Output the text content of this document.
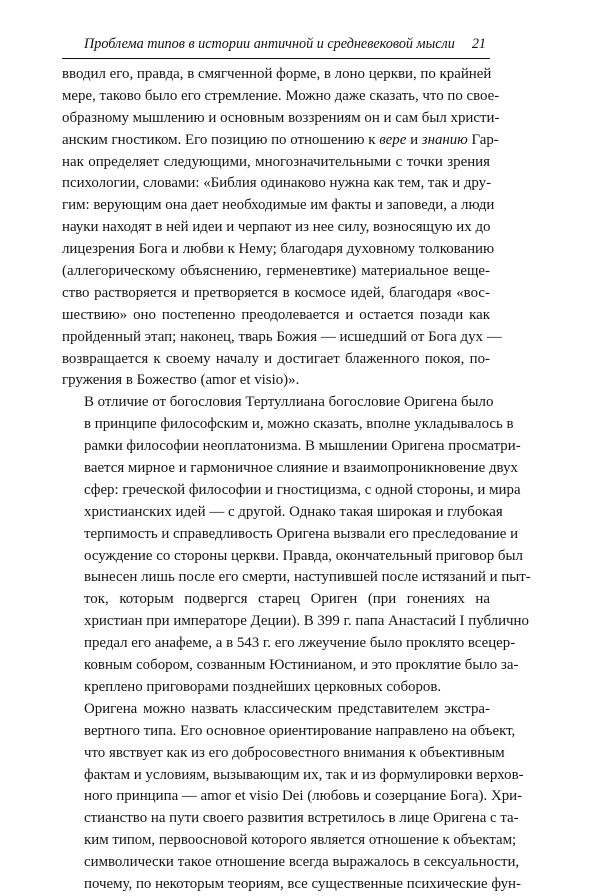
Проблема типов в истории античной и средневековой мысли 21

вводил его, правда, в смягченной форме, в лоно церкви, по крайней
мере, таково было его стремление. Можно даже сказать, что по свое-
образному мышлению и основным воззрениям он и сам был христи-
анским гностиком. Его позицию по отношению к вере и знанию Гар-
нак определяет следующими, многозначительными с точки зрения
психологии, словами: «Библия одинаково нужна как тем, так и дру-
гим: верующим она дает необходимые им факты и заповеди, а люди
науки находят в ней идеи и черпают из нее силу, возносящую их до
лицезрения Бога и любви к Нему; благодаря духовному толкованию
(аллегорическому объяснению, герменевтике) материальное веще-
ство растворяется и претворяется в космосе идей, благодаря «вос-
шествию» оно постепенно преодолевается и остается позади как
пройденный этап; наконец, тварь Божия — исшедший от Бога дух —
возвращается к своему началу и достигает блаженного покоя, по-
гружения в Божество (amor et visio)».

В отличие от богословия Тертуллиана богословие Оригена было
в принципе философским и, можно сказать, вполне укладывалось в
рамки философии неоплатонизма. В мышлении Оригена просматри-
вается мирное и гармоничное слияние и взаимопроникновение двух
сфер: греческой философии и гностицизма, с одной стороны, и мира
христианских идей — с другой. Однако такая широкая и глубокая
терпимость и справедливость Оригена вызвали его преследование и
осуждение со стороны церкви. Правда, окончательный приговор был
вынесен лишь после его смерти, наступившей после истязаний и пыт-
ток, которым подвергся старец Ориген (при гонениях на
христиан при императоре Деции). В 399 г. папа Анастасий I публично
предал его анафеме, а в 543 г. его лжеучение было проклято всецер-
ковным собором, созванным Юстинианом, и это проклятие было за-
креплено приговорами позднейших церковных соборов.

Оригена можно назвать классическим представителем экстра-
вертного типа. Его основное ориентирование направлено на объект,
что явствует как из его добросовестного внимания к объективным
фактам и условиям, вызывающим их, так и из формулировки верхов-
ного принципа — amor et visio Dei (любовь и созерцание Бога). Хри-
стианство на пути своего развития встретилось в лице Оригена с та-
ким типом, первоосновой которого является отношение к объектам;
символически такое отношение всегда выражалось в сексуальности,
почему, по некоторым теориям, все существенные психические фун-
